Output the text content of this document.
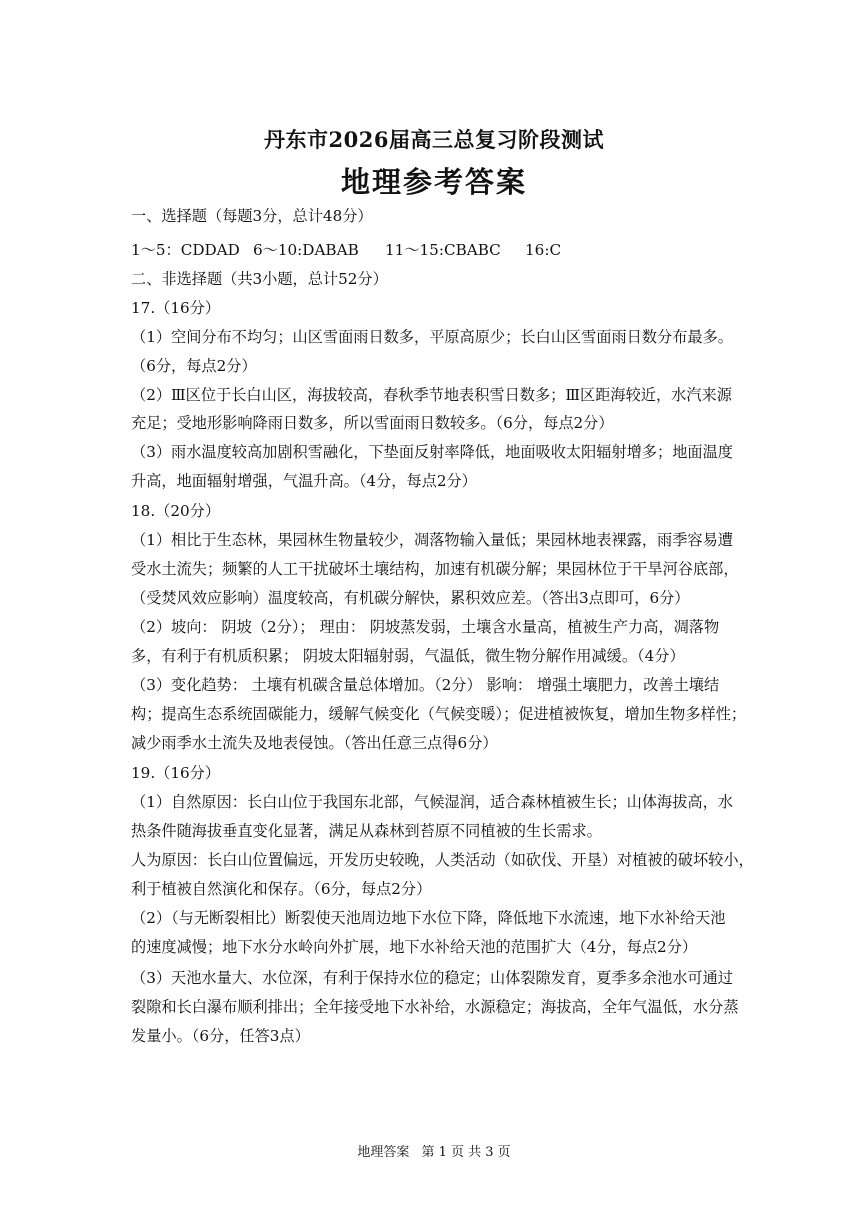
丹东市2026届高三总复习阶段测试
地理参考答案
一、选择题（每题3分，总计48分）
1～5：CDDAD 6～10:DABAB 11～15:CBABC 16:C
二、非选择题（共3小题，总计52分）
17.（16分）
（1）空间分布不均匀；山区雪面雨日数多，平原高原少；长白山区雪面雨日数分布最多。
（6分，每点2分）
（2）Ⅲ区位于长白山区，海拔较高，春秋季节地表积雪日数多；Ⅲ区距海较近，水汽来源
充足；受地形影响降雨日数多，所以雪面雨日数较多。（6分，每点2分）
（3）雨水温度较高加剧积雪融化，下垫面反射率降低，地面吸收太阳辐射增多；地面温度
升高，地面辐射增强，气温升高。（4分，每点2分）
18.（20分）
（1）相比于生态林，果园林生物量较少，凋落物输入量低；果园林地表裸露，雨季容易遭
受水土流失；频繁的人工干扰破坏土壤结构，加速有机碳分解；果园林位于干旱河谷底部，
（受焚风效应影响）温度较高，有机碳分解快，累积效应差。（答出3点即可，6分）
（2）坡向： 阴坡（2分）； 理由： 阴坡蒸发弱，土壤含水量高，植被生产力高，凋落物
多，有利于有机质积累； 阴坡太阳辐射弱，气温低，微生物分解作用减缓。（4分）
（3）变化趋势： 土壤有机碳含量总体增加。（2分） 影响： 增强土壤肥力，改善土壤结
构；提高生态系统固碳能力，缓解气候变化（气候变暖）；促进植被恢复，增加生物多样性；
减少雨季水土流失及地表侵蚀。（答出任意三点得6分）
19.（16分）
（1）自然原因：长白山位于我国东北部，气候湿润，适合森林植被生长；山体海拔高，水
热条件随海拔垂直变化显著，满足从森林到苔原不同植被的生长需求。
人为原因：长白山位置偏远，开发历史较晚，人类活动（如砍伐、开垦）对植被的破坏较小，
利于植被自然演化和保存。（6分，每点2分）
（2）（与无断裂相比）断裂使天池周边地下水位下降，降低地下水流速，地下水补给天池
的速度减慢；地下水分水岭向外扩展，地下水补给天池的范围扩大（4分，每点2分）
（3）天池水量大、水位深，有利于保持水位的稳定；山体裂隙发育，夏季多余池水可通过
裂隙和长白瀑布顺利排出；全年接受地下水补给，水源稳定；海拔高，全年气温低，水分蒸
发量小。（6分，任答3点）
地理答案 第 1 页 共 3 页
